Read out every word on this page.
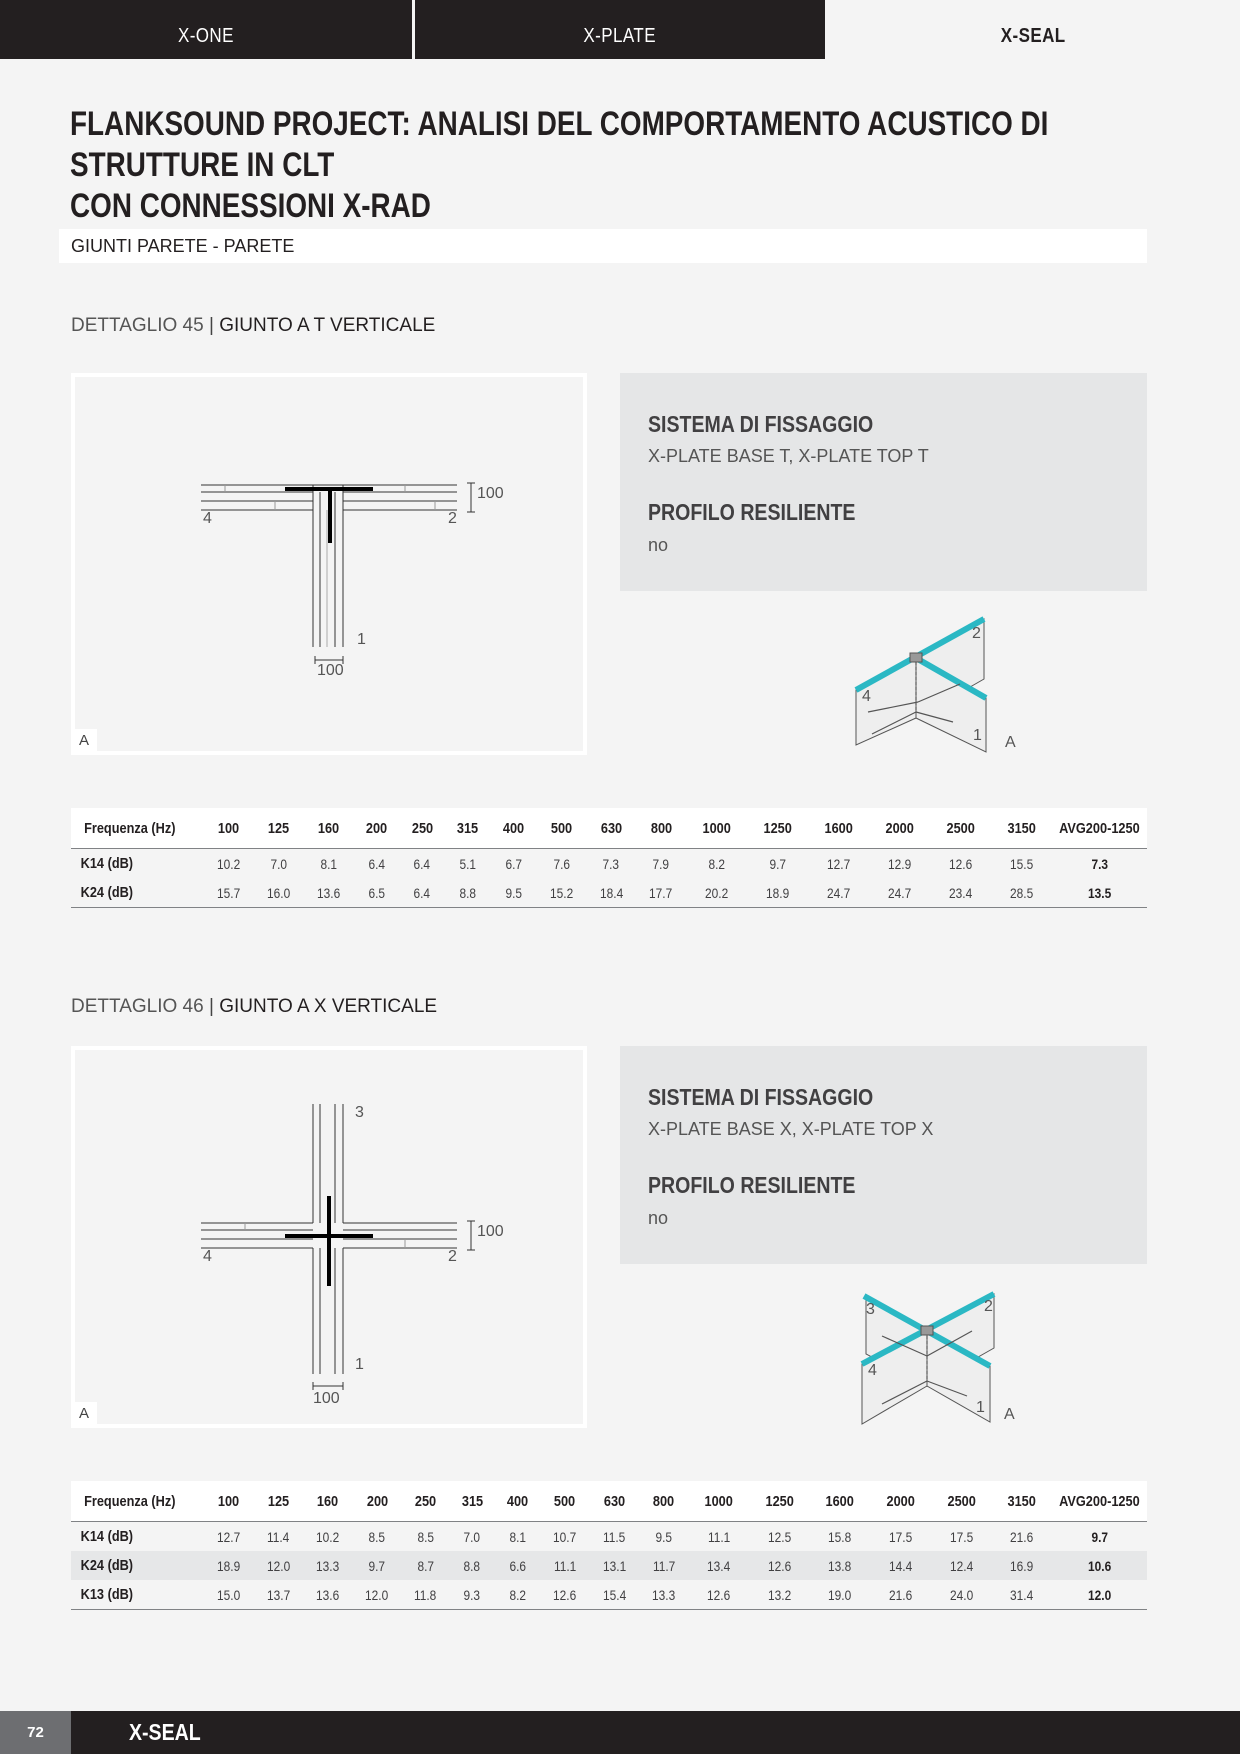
X-ONE	X-PLATE	X-SEAL
FLANKSOUND PROJECT: ANALISI DEL COMPORTAMENTO ACUSTICO DI STRUTTURE IN CLT
CON CONNESSIONI X-RAD
GIUNTI PARETE - PARETE
DETTAGLIO 45 | GIUNTO A T VERTICALE
100
100
4	2
1
A
SISTEMA DI FISSAGGIO
X-PLATE BASE T, X-PLATE TOP T
PROFILO RESILIENTE
no
2
4
1 A
Frequenza (Hz)	100	125	160	200	250	315	400	500	630	800	1000	1250	1600	2000	2500	3150	AVG200-1250
K14 (dB)	10.2	7.0	8.1	6.4	6.4	5.1	6.7	7.6	7.3	7.9	8.2	9.7	12.7	12.9	12.6	15.5	7.3
K24 (dB)	15.7	16.0	13.6	6.5	6.4	8.8	9.5	15.2	18.4	17.7	20.2	18.9	24.7	24.7	23.4	28.5	13.5
DETTAGLIO 46 | GIUNTO A X VERTICALE
3
100
4	2
1
100
A
SISTEMA DI FISSAGGIO
X-PLATE BASE X, X-PLATE TOP X
PROFILO RESILIENTE
no
3	2
4
1 A
Frequenza (Hz)	100	125	160	200	250	315	400	500	630	800	1000	1250	1600	2000	2500	3150	AVG200-1250
K14 (dB)	12.7	11.4	10.2	8.5	8.5	7.0	8.1	10.7	11.5	9.5	11.1	12.5	15.8	17.5	17.5	21.6	9.7
K24 (dB)	18.9	12.0	13.3	9.7	8.7	8.8	6.6	11.1	13.1	11.7	13.4	12.6	13.8	14.4	12.4	16.9	10.6
K13 (dB)	15.0	13.7	13.6	12.0	11.8	9.3	8.2	12.6	15.4	13.3	12.6	13.2	19.0	21.6	24.0	31.4	12.0
72	X-SEAL
